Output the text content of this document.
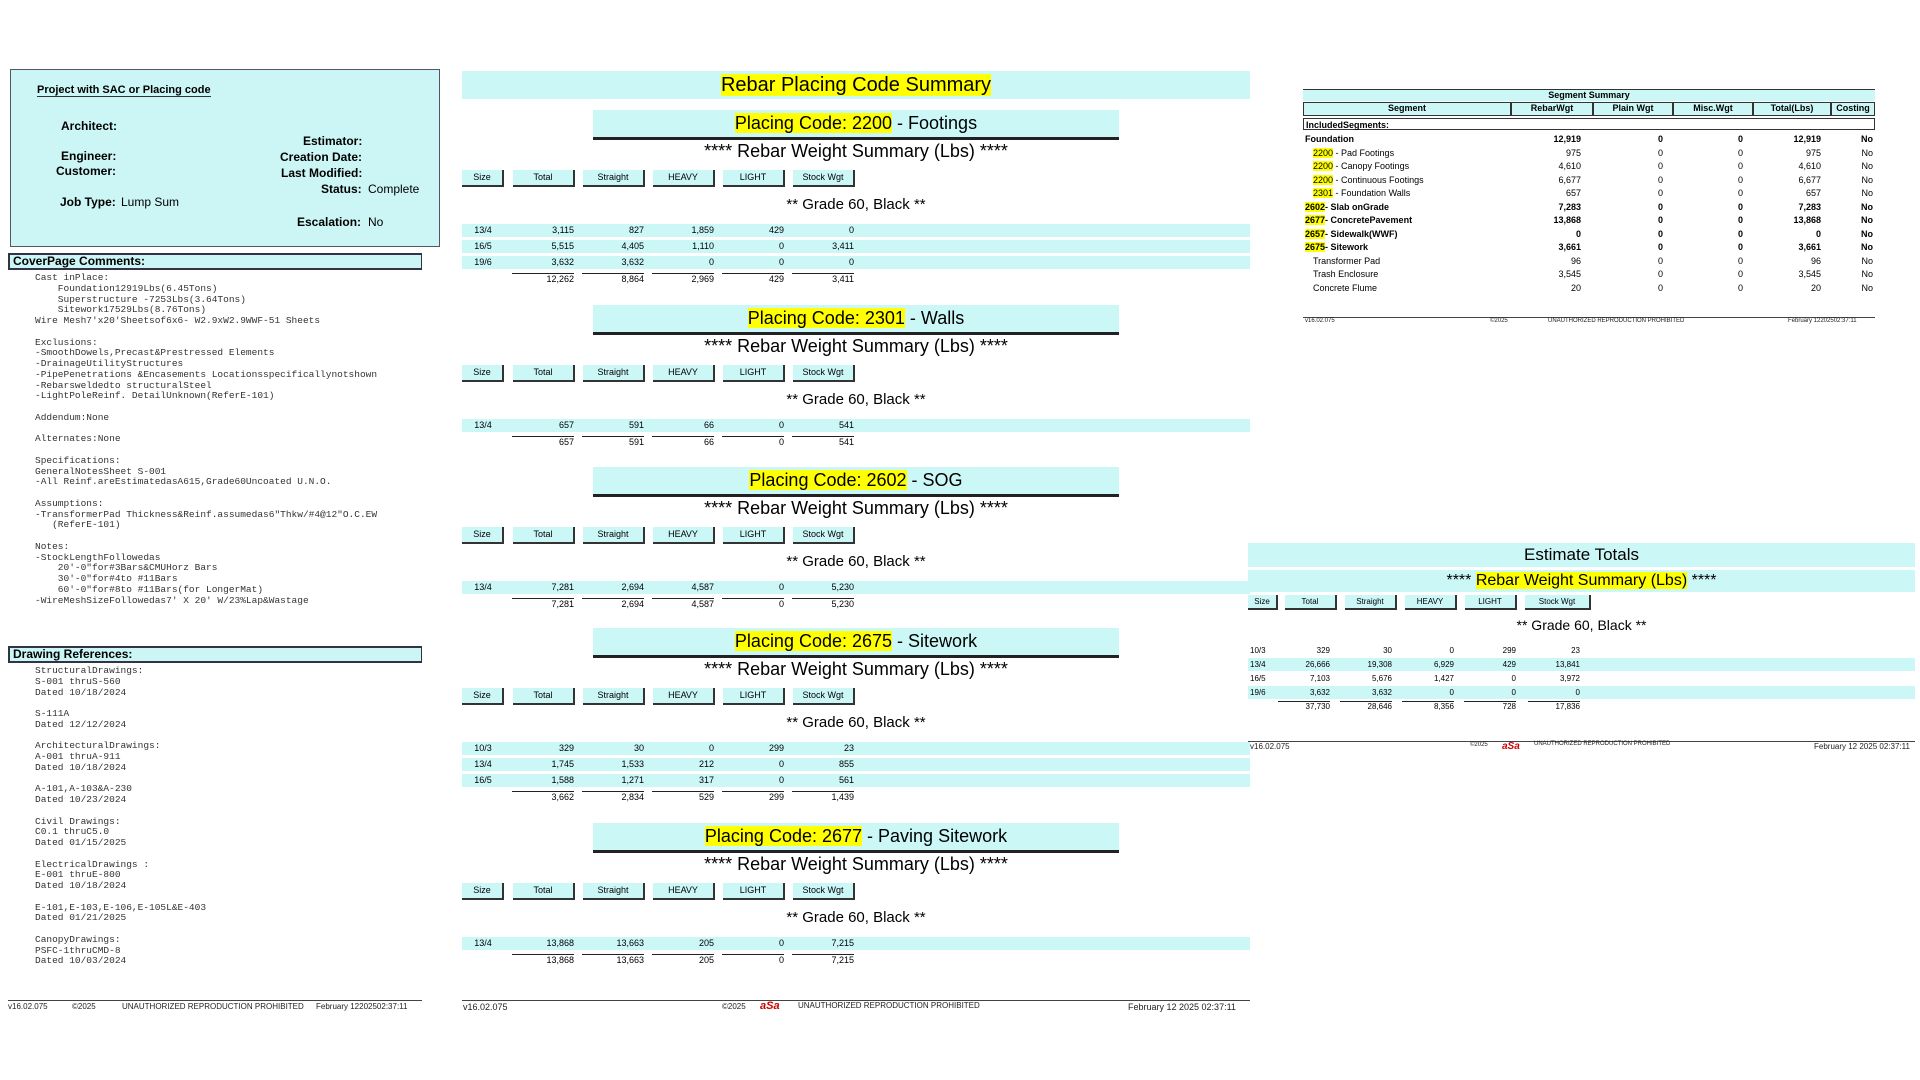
Project with SAC or Placing code
Architect:
Estimator:
Engineer:	Creation Date:
Customer:	Last Modified:
Status: Complete
Job Type: Lump Sum
Escalation: No
CoverPage Comments:
Cast inPlace:
Foundation12919Lbs(6.45Tons)
Superstructure -7253Lbs(3.64Tons)
Sitework17529Lbs(8.76Tons)
Wire Mesh7'x20'Sheetsof6x6- W2.9xW2.9WWF-51 Sheets

Exclusions:
-SmoothDowels,Precast&Prestressed Elements
-DrainageUtilityStructures
-PipePenetrations &Encasements Locationsspecificallynotshown
-Rebarsweldedto structuralSteel
-LightPoleReinf. DetailUnknown(ReferE-101)

Addendum:None

Alternates:None

Specifications:
GeneralNotesSheet S-001
-All Reinf.areEstimatedasA615,Grade60Uncoated U.N.O.

Assumptions:
-TransformerPad Thickness&Reinf.assumedas6"Thkw/#4@12"O.C.EW
(ReferE-101)

Notes:
-StockLengthFollowedas
20'-0"for#3Bars&CMUHorz Bars
30'-0"for#4to #11Bars
60'-0"for#8to #11Bars(for LongerMat)
-WireMeshSizeFollowedas7' X 20' W/23%Lap&Wastage
Drawing References:
StructuralDrawings:
S-001 thruS-560
Dated 10/18/2024

S-111A
Dated 12/12/2024

ArchitecturalDrawings:
A-001 thruA-911
Dated 10/18/2024

A-101,A-103&A-230
Dated 10/23/2024

Civil Drawings:
C0.1 thruC5.0
Dated 01/15/2025

ElectricalDrawings :
E-001 thruE-800
Dated 10/18/2024

E-101,E-103,E-106,E-105L&E-403
Dated 01/21/2025

CanopyDrawings:
PSFC-1thruCMD-8
Dated 10/03/2024
v16.02.075	©2025	UNAUTHORIZED REPRODUCTION PROHIBITED February 12202502:37:11
Rebar Placing Code Summary
Placing Code: 2200 - Footings
**** Rebar Weight Summary (Lbs) ****
Size	Total	Straight	HEAVY	LIGHT	Stock Wgt
** Grade 60, Black **
13/4	3,115	827	1,859	429	0
16/5	5,515	4,405	1,110	0	3,411
19/6	3,632	3,632	0	0	0
12,262	8,864	2,969	429	3,411
Placing Code: 2301 - Walls
**** Rebar Weight Summary (Lbs) ****
Size	Total	Straight	HEAVY	LIGHT	Stock Wgt
** Grade 60, Black **
13/4	657	591	66	0	541
657	591	66	0	541
Placing Code: 2602 - SOG
**** Rebar Weight Summary (Lbs) ****
Size	Total	Straight	HEAVY	LIGHT	Stock Wgt
** Grade 60, Black **
13/4	7,281	2,694	4,587	0	5,230
7,281	2,694	4,587	0	5,230
Placing Code: 2675 - Sitework
**** Rebar Weight Summary (Lbs) ****
Size	Total	Straight	HEAVY	LIGHT	Stock Wgt
** Grade 60, Black **
10/3	329	30	0	299	23
13/4	1,745	1,533	212	0	855
16/5	1,588	1,271	317	0	561
3,662	2,834	529	299	1,439
Placing Code: 2677 - Paving Sitework
**** Rebar Weight Summary (Lbs) ****
Size	Total	Straight	HEAVY	LIGHT	Stock Wgt
** Grade 60, Black **
13/4	13,868	13,663	205	0	7,215
13,868	13,663	205	0	7,215
v16.02.075	©2025 aSa UNAUTHORIZED REPRODUCTION PROHIBITED	February 12 2025 02:37:11
Segment Summary
IncludedSegments:
v16.02.075	©2025	UNAUTHORIZED REPRODUCTION PROHIBITED	February 12202502:37:11
Segment	RebarWgt	Plain Wgt	Misc.Wgt	Total(Lbs)	Costing
Foundation	12,919	0	0	12,919	No
2200 - Pad Footings	975	0	0	975	No
2200 - Canopy Footings	4,610	0	0	4,610	No
2200 - Continuous Footings	6,677	0	0	6,677	No
2301 - Foundation Walls	657	0	0	657	No
2602- Slab onGrade	7,283	0	0	7,283	No
2677- ConcretePavement	13,868	0	0	13,868	No
2657- Sidewalk(WWF)	0	0	0	0	No
2675- Sitework	3,661	0	0	3,661	No
Transformer Pad	96	0	0	96	No
Trash Enclosure	3,545	0	0	3,545	No
Concrete Flume	20	0	0	20	No
Estimate Totals
**** Rebar Weight Summary (Lbs) ****
** Grade 60, Black **
v16.02.075	©2025 aSa UNAUTHORIZED REPRODUCTION PROHIBITED	February 12 2025 02:37:11
Size	Total	Straight	HEAVY	LIGHT	Stock Wgt
10/3	329	30	0	299	23
13/4	26,666	19,308	6,929	429	13,841
16/5	7,103	5,676	1,427	0	3,972
19/6	3,632	3,632	0	0	0
37,730	28,646	8,356	728	17,836
